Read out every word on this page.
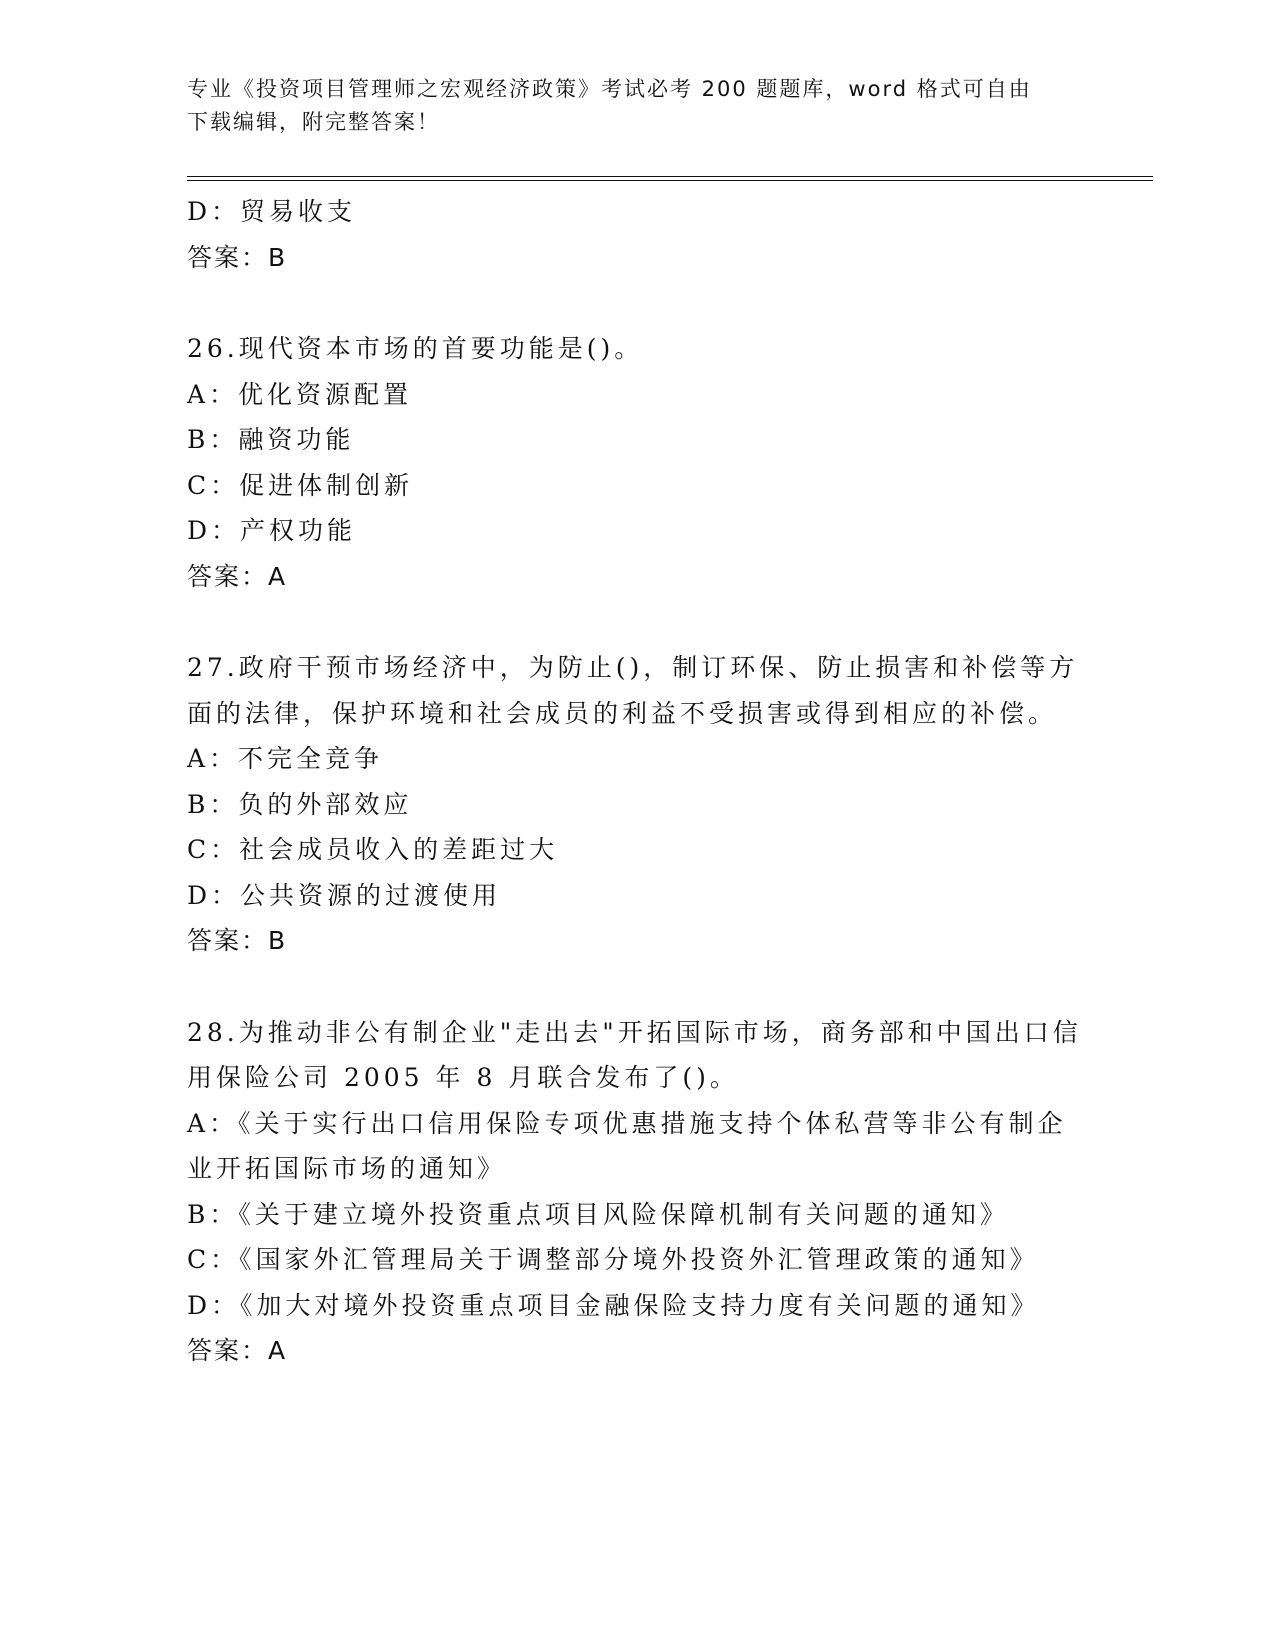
专业《投资项目管理师之宏观经济政策》考试必考 200 题题库，word 格式可自由
下载编辑，附完整答案！
D：贸易收支
答案：B
26.现代资本市场的首要功能是()。
A：优化资源配置
B：融资功能
C：促进体制创新
D：产权功能
答案：A
27.政府干预市场经济中，为防止()，制订环保、防止损害和补偿等方
面的法律，保护环境和社会成员的利益不受损害或得到相应的补偿。
A：不完全竞争
B：负的外部效应
C：社会成员收入的差距过大
D：公共资源的过渡使用
答案：B
28.为推动非公有制企业"走出去"开拓国际市场，商务部和中国出口信
用保险公司 2005 年 8 月联合发布了()。
A：《关于实行出口信用保险专项优惠措施支持个体私营等非公有制企
业开拓国际市场的通知》
B：《关于建立境外投资重点项目风险保障机制有关问题的通知》
C：《国家外汇管理局关于调整部分境外投资外汇管理政策的通知》
D：《加大对境外投资重点项目金融保险支持力度有关问题的通知》
答案：A
